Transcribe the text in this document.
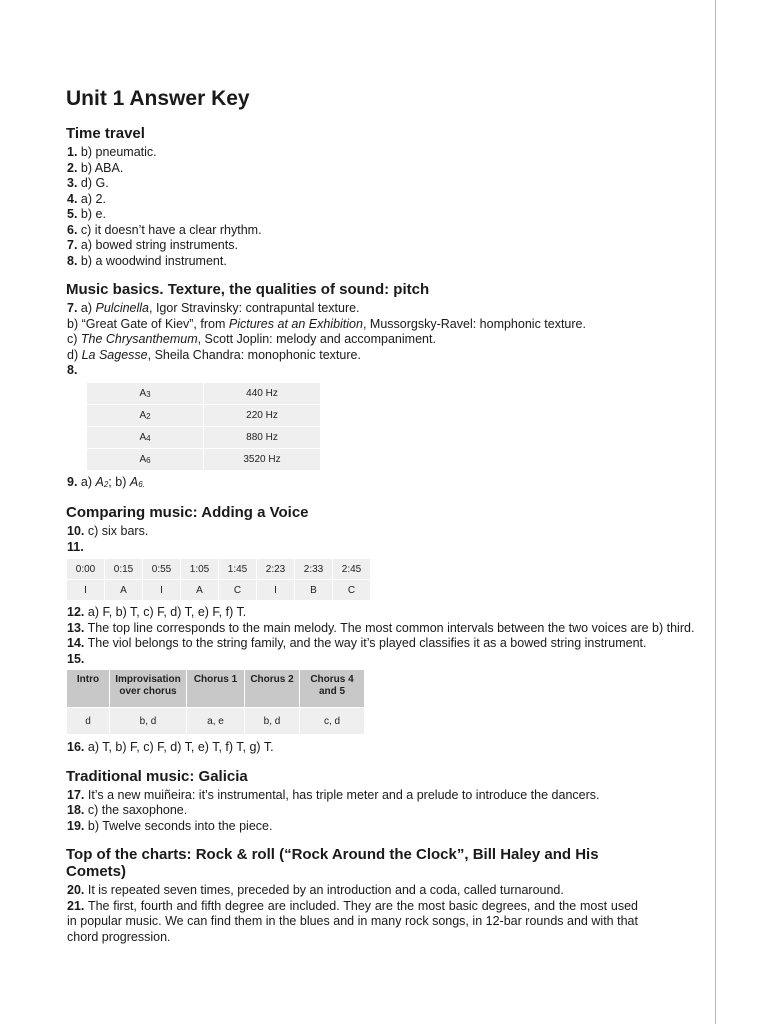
Unit 1 Answer Key
Time travel

1. b) pneumatic.

2. b) ABA.

3. d) G.

4. a) 2.

5. b) e.

6. c) it doesn’t have a clear rhythm.

7. a) bowed string instruments.

8. b) a woodwind instrument.

Music basics. Texture, the qualities of sound: pitch

7. a) Pulcinella, Igor Stravinsky: contrapuntal texture.

b) “Great Gate of Kiev”, from Pictures at an Exhibition, Mussorgsky-Ravel: homphonic texture.

c) The Chrysanthemum, Scott Joplin: melody and accompaniment.

d) La Sagesse, Sheila Chandra: monophonic texture.

8.

A3	440 Hz
A2	220 Hz
A4	880 Hz
A6	3520 Hz

9. a) A2; b) A6.

Comparing music: Adding a Voice

10. c) six bars.

11.

0:00	0:15	0:55	1:05	1:45	2:23	2:33	2:45
I	A	I	A	C	I	B	C

12. a) F, b) T, c) F, d) T, e) F, f) T.

13. The top line corresponds to the main melody. The most common intervals between the two voices are b) third.

14. The viol belongs to the string family, and the way it’s played classifies it as a bowed string instrument.

15.

Intro	Improvisation over chorus	Chorus 1	Chorus 2	Chorus 4 and 5
d	b, d	a, e	b, d	c, d

16. a) T, b) F, c) F, d) T, e) T, f) T, g) T.

Traditional music: Galicia

17. It’s a new muiñeira: it’s instrumental, has triple meter and a prelude to introduce the dancers.

18. c) the saxophone.

19. b) Twelve seconds into the piece.

Top of the charts: Rock & roll (“Rock Around the Clock”, Bill Haley and His Comets)

20. It is repeated seven times, preceded by an introduction and a coda, called turnaround.

21. The first, fourth and fifth degree are included. They are the most basic degrees, and the most used in popular music. We can find them in the blues and in many rock songs, in 12-bar rounds and with that chord progression.
